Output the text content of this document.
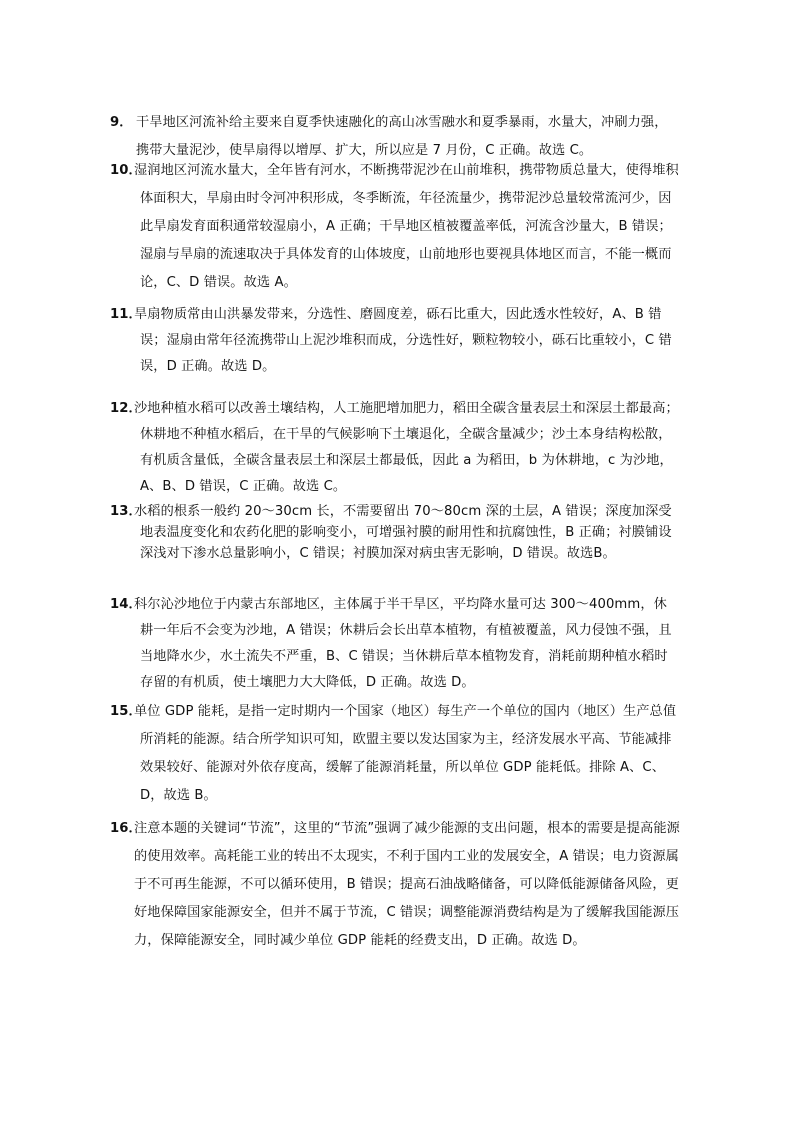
9． 干旱地区河流补给主要来自夏季快速融化的高山冰雪融水和夏季暴雨，水量大，冲刷力强，携带大量泥沙，使旱扇得以增厚、扩大，所以应是 7 月份，C 正确。故选 C。
10．
湿润地区河流水量大，全年皆有河水，不断携带泥沙在山前堆积，携带物质总量大，使得堆积体面积大，旱扇由时令河冲积形成，冬季断流，年径流量少，携带泥沙总量较常流河少，因此旱扇发育面积通常较湿扇小，A 正确；干旱地区植被覆盖率低，河流含沙量大，B 错误；湿扇与旱扇的流速取决于具体发育的山体坡度，山前地形也要视具体地区而言，不能一概而论，C、D 错误。故选 A。
11．
旱扇物质常由山洪暴发带来，分选性、磨圆度差，砾石比重大，因此透水性较好，A、B 错误；湿扇由常年径流携带山上泥沙堆积而成，分选性好，颗粒物较小，砾石比重较小，C 错误，D 正确。故选 D。
12．
沙地种植水稻可以改善土壤结构，人工施肥增加肥力，稻田全碳含量表层土和深层土都最高；休耕地不种植水稻后，在干旱的气候影响下土壤退化，全碳含量减少；沙土本身结构松散，有机质含量低，全碳含量表层土和深层土都最低，因此 a 为稻田，b 为休耕地，c 为沙地，A、B、D 错误，C 正确。故选 C。
13．
水稻的根系一般约 20～30cm 长，不需要留出 70～80cm 深的土层，A 错误；深度加深受地表温度变化和农药化肥的影响变小，可增强衬膜的耐用性和抗腐蚀性，B 正确；衬膜铺设深浅对下渗水总量影响小，C 错误；衬膜加深对病虫害无影响，D 错误。故选B。
14．
科尔沁沙地位于内蒙古东部地区，主体属于半干旱区，平均降水量可达 300～400mm，休耕一年后不会变为沙地，A 错误；休耕后会长出草本植物，有植被覆盖，风力侵蚀不强，且当地降水少，水土流失不严重，B、C 错误；当休耕后草本植物发育，消耗前期种植水稻时存留的有机质，使土壤肥力大大降低，D 正确。故选 D。
15．
单位 GDP 能耗，是指一定时期内一个国家（地区）每生产一个单位的国内（地区）生产总值所消耗的能源。结合所学知识可知，欧盟主要以发达国家为主，经济发展水平高、节能减排效果较好、能源对外依存度高，缓解了能源消耗量，所以单位 GDP 能耗低。排除 A、C、D，故选 B。
16．
注意本题的关键词“节流”，这里的“节流”强调了减少能源的支出问题，根本的需要是提高能源的使用效率。高耗能工业的转出不太现实，不利于国内工业的发展安全，A 错误；电力资源属于不可再生能源，不可以循环使用，B 错误；提高石油战略储备，可以降低能源储备风险，更好地保障国家能源安全，但并不属于节流，C 错误；调整能源消费结构是为了缓解我国能源压力，保障能源安全，同时减少单位 GDP 能耗的经费支出，D 正确。故选 D。
